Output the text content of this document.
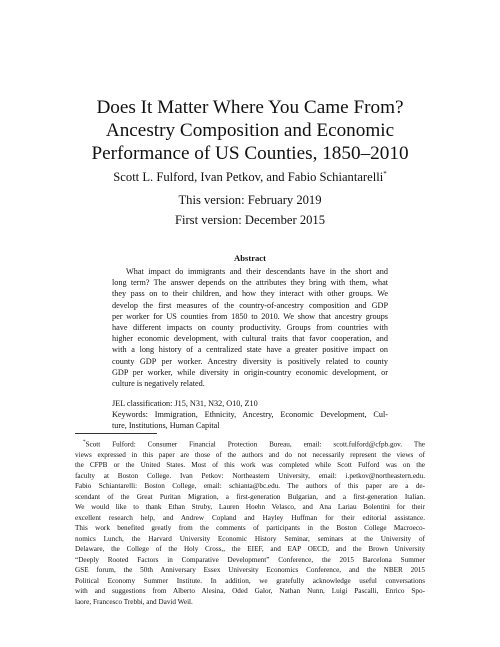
Does It Matter Where You Came From?
Ancestry Composition and Economic
Performance of US Counties, 1850–2010
Scott L. Fulford, Ivan Petkov, and Fabio Schiantarelli*
This version: February 2019
First version: December 2015
Abstract
What impact do immigrants and their descendants have in the short and
long term? The answer depends on the attributes they bring with them, what
they pass on to their children, and how they interact with other groups. We
develop the first measures of the country-of-ancestry composition and GDP
per worker for US counties from 1850 to 2010. We show that ancestry groups
have different impacts on county productivity. Groups from countries with
higher economic development, with cultural traits that favor cooperation, and
with a long history of a centralized state have a greater positive impact on
county GDP per worker. Ancestry diversity is positively related to county
GDP per worker, while diversity in origin-country economic development, or
culture is negatively related.
JEL classification: J15, N31, N32, O10, Z10
Keywords: Immigration, Ethnicity, Ancestry, Economic Development, Cul-
ture, Institutions, Human Capital
*Scott Fulford: Consumer Financial Protection Bureau, email: scott.fulford@cfpb.gov. The
views expressed in this paper are those of the authors and do not necessarily represent the views of
the CFPB or the United States. Most of this work was completed while Scott Fulford was on the
faculty at Boston College. Ivan Petkov: Northeastern University, email: i.petkov@northeastern.edu.
Fabio Schiantarelli: Boston College, email: schianta@bc.edu. The authors of this paper are a de-
scendant of the Great Puritan Migration, a first-generation Bulgarian, and a first-generation Italian.
We would like to thank Ethan Struby, Lauren Hoehn Velasco, and Ana Lariau Bolentini for their
excellent research help, and Andrew Copland and Hayley Huffman for their editorial assistance.
This work benefited greatly from the comments of participants in the Boston College Macroeco-
nomics Lunch, the Harvard University Economic History Seminar, seminars at the University of
Delaware, the College of the Holy Cross,, the EIEF, and EAP OECD, and the Brown University
“Deeply Rooted Factors in Comparative Development” Conference, the 2015 Barcelona Summer
GSE forum, the 50th Anniversary Essex University Economics Conference, and the NBER 2015
Political Economy Summer Institute. In addition, we gratefully acknowledge useful conversations
with and suggestions from Alberto Alesina, Oded Galor, Nathan Nunn, Luigi Pascalli, Enrico Spo-
laore, Francesco Trebbi, and David Weil.
